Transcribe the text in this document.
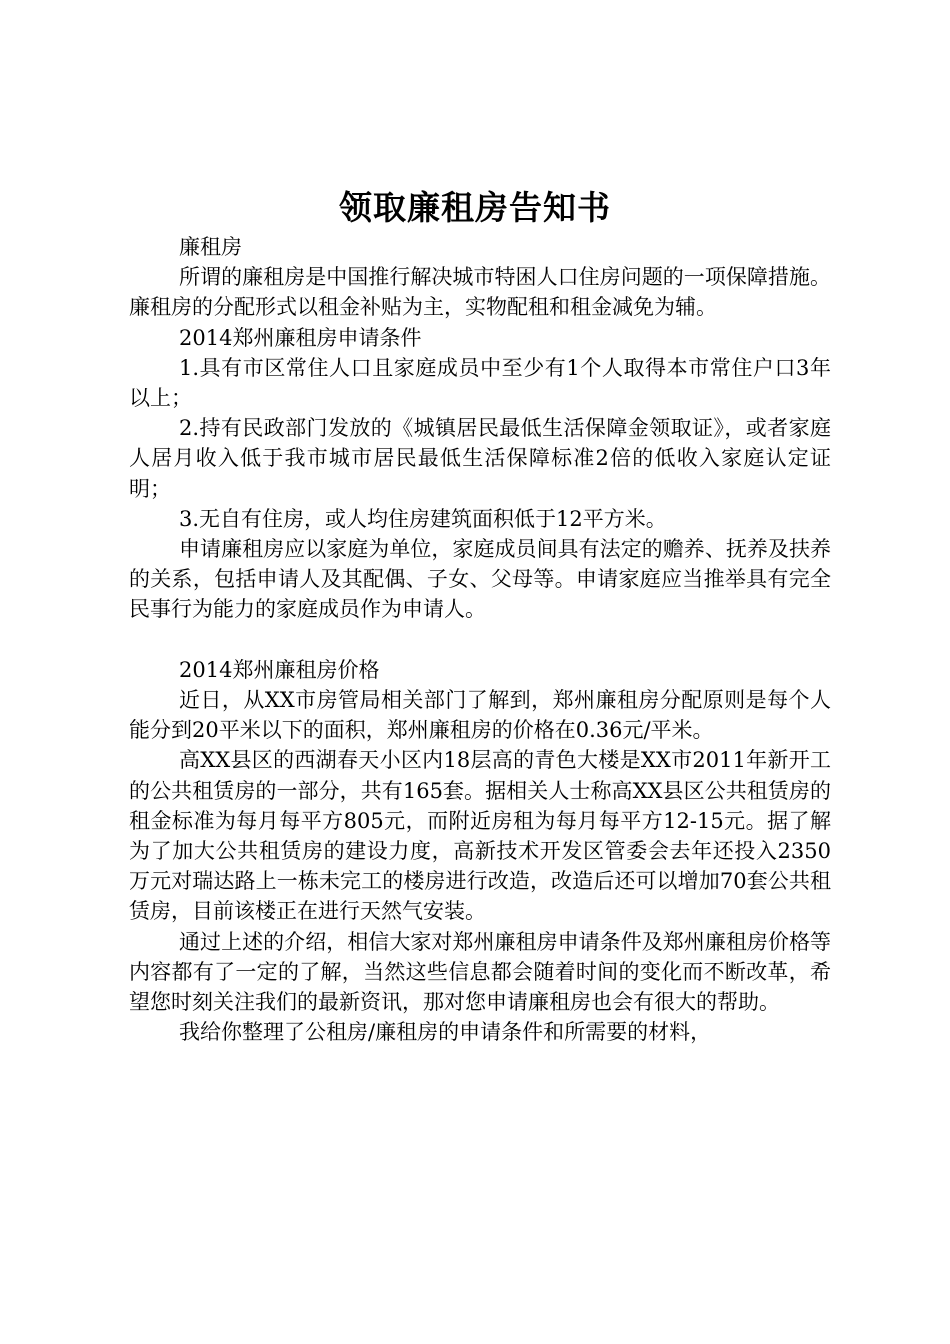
领取廉租房告知书

廉租房

所谓的廉租房是中国推行解决城市特困人口住房问题的一项保障措施。廉租房的分配形式以租金补贴为主，实物配租和租金减免为辅。

2014郑州廉租房申请条件

1.具有市区常住人口且家庭成员中至少有1个人取得本市常住户口3年以上；

2.持有民政部门发放的《城镇居民最低生活保障金领取证》，或者家庭人居月收入低于我市城市居民最低生活保障标准2倍的低收入家庭认定证明；

3.无自有住房，或人均住房建筑面积低于12平方米。

申请廉租房应以家庭为单位，家庭成员间具有法定的赡养、抚养及扶养的关系，包括申请人及其配偶、子女、父母等。申请家庭应当推举具有完全民事行为能力的家庭成员作为申请人。

2014郑州廉租房价格

近日，从XX市房管局相关部门了解到，郑州廉租房分配原则是每个人能分到20平米以下的面积，郑州廉租房的价格在0.36元/平米。

高XX县区的西湖春天小区内18层高的青色大楼是XX市2011年新开工的公共租赁房的一部分，共有165套。据相关人士称高XX县区公共租赁房的租金标准为每月每平方805元，而附近房租为每月每平方12-15元。据了解为了加大公共租赁房的建设力度，高新技术开发区管委会去年还投入2350万元对瑞达路上一栋未完工的楼房进行改造，改造后还可以增加70套公共租赁房，目前该楼正在进行天然气安装。

通过上述的介绍，相信大家对郑州廉租房申请条件及郑州廉租房价格等内容都有了一定的了解，当然这些信息都会随着时间的变化而不断改革，希望您时刻关注我们的最新资讯，那对您申请廉租房也会有很大的帮助。

我给你整理了公租房/廉租房的申请条件和所需要的材料，
